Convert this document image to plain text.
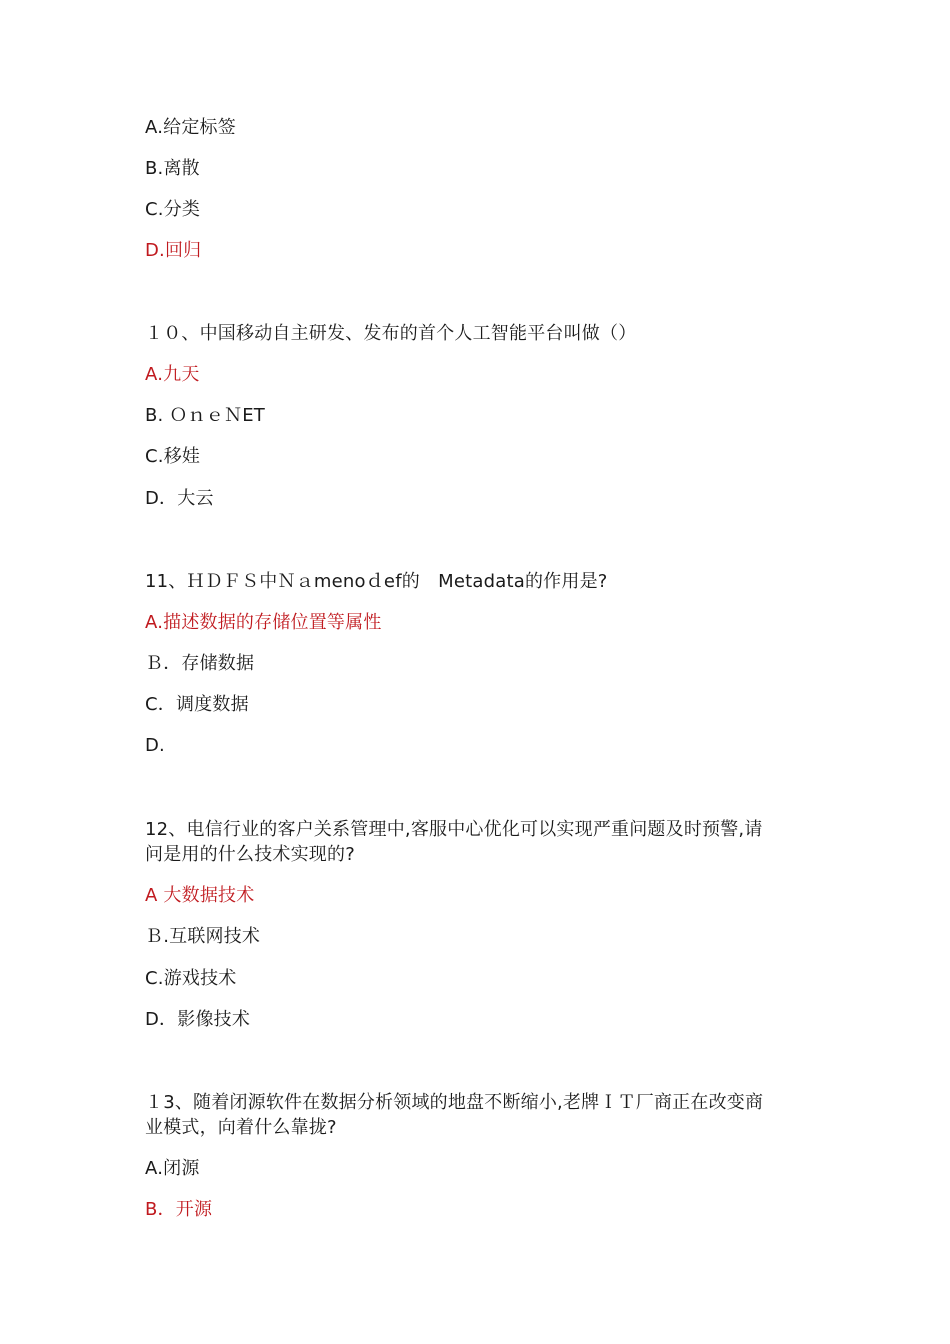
A.给定标签
B.离散
C.分类
D.回归
１０、中国移动自主研发、发布的首个人工智能平台叫做（）
A.九天
B. ＯｎｅＮET
C.移娃
D．大云
11、ＨＤＦＳ中Ｎａmenoｄef的　Metadata的作用是?
A.描述数据的存储位置等属性
Ｂ．存储数据
C．调度数据
D.
12、电信行业的客户关系管理中,客服中心优化可以实现严重问题及时预警,请
问是用的什么技术实现的?
A 大数据技术
Ｂ.互联网技术
C.游戏技术
D．影像技术
１3、随着闭源软件在数据分析领域的地盘不断缩小,老牌ＩＴ厂商正在改变商
业模式，向着什么靠拢?
A.闭源
B．开源
